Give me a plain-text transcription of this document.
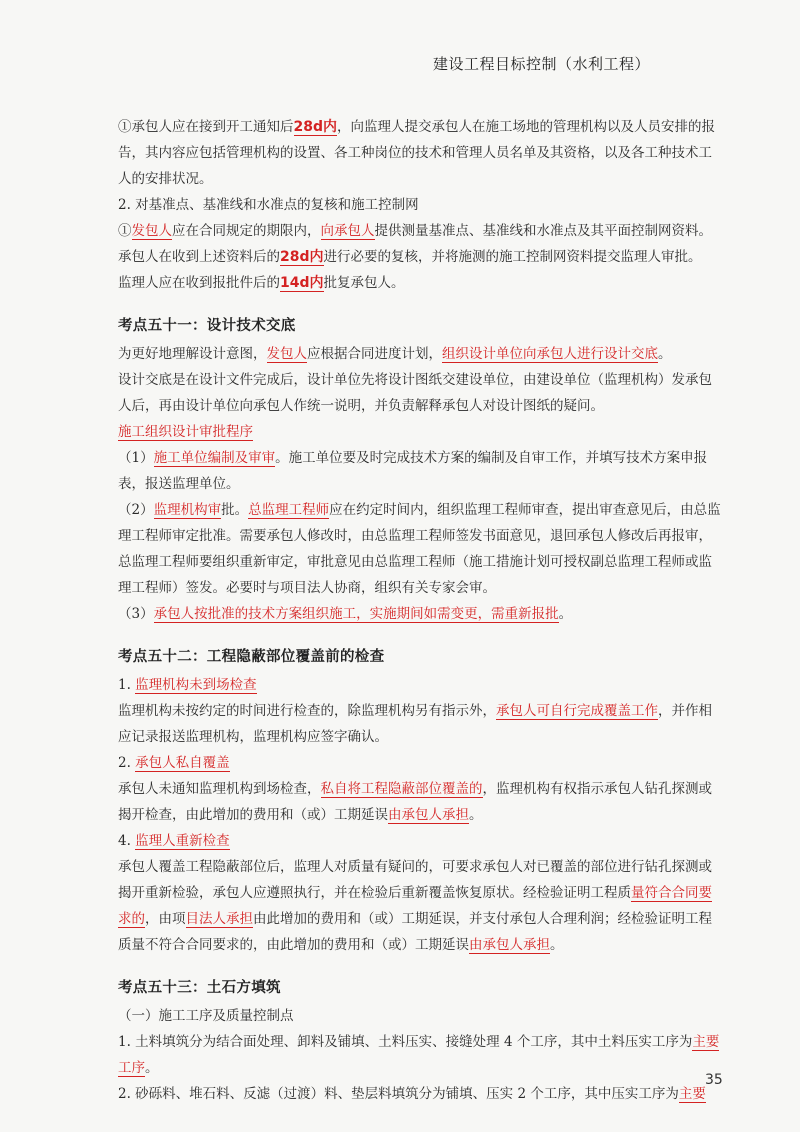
建设工程目标控制（水利工程）

①承包人应在接到开工通知后28d内，向监理人提交承包人在施工场地的管理机构以及人员安排的报告，其内容应包括管理机构的设置、各工种岗位的技术和管理人员名单及其资格，以及各工种技术工人的安排状况。

2. 对基准点、基准线和水准点的复核和施工控制网

①发包人应在合同规定的期限内，向承包人提供测量基准点、基准线和水准点及其平面控制网资料。

承包人在收到上述资料后的28d内进行必要的复核，并将施测的施工控制网资料提交监理人审批。

监理人应在收到报批件后的14d内批复承包人。

考点五十一：设计技术交底

为更好地理解设计意图，发包人应根据合同进度计划，组织设计单位向承包人进行设计交底。

设计交底是在设计文件完成后，设计单位先将设计图纸交建设单位，由建设单位（监理机构）发承包人后，再由设计单位向承包人作统一说明，并负责解释承包人对设计图纸的疑问。

施工组织设计审批程序

（1）施工单位编制及审审。施工单位要及时完成技术方案的编制及自审工作，并填写技术方案申报表，报送监理单位。

（2）监理机构审批。总监理工程师应在约定时间内，组织监理工程师审查，提出审查意见后，由总监理工程师审定批准。需要承包人修改时，由总监理工程师签发书面意见，退回承包人修改后再报审，总监理工程师要组织重新审定，审批意见由总监理工程师（施工措施计划可授权副总监理工程师或监理工程师）签发。必要时与项目法人协商，组织有关专家会审。

（3）承包人按批准的技术方案组织施工，实施期间如需变更，需重新报批。

考点五十二：工程隐蔽部位覆盖前的检查

1. 监理机构未到场检查

监理机构未按约定的时间进行检查的，除监理机构另有指示外，承包人可自行完成覆盖工作，并作相应记录报送监理机构，监理机构应签字确认。

2. 承包人私自覆盖

承包人未通知监理机构到场检查，私自将工程隐蔽部位覆盖的，监理机构有权指示承包人钻孔探测或揭开检查，由此增加的费用和（或）工期延误由承包人承担。

4. 监理人重新检查

承包人覆盖工程隐蔽部位后，监理人对质量有疑问的，可要求承包人对已覆盖的部位进行钻孔探测或揭开重新检验，承包人应遵照执行，并在检验后重新覆盖恢复原状。经检验证明工程质量符合合同要求的，由项目法人承担由此增加的费用和（或）工期延误，并支付承包人合理利润；经检验证明工程质量不符合合同要求的，由此增加的费用和（或）工期延误由承包人承担。

考点五十三：土石方填筑

（一）施工工序及质量控制点

1. 土料填筑分为结合面处理、卸料及铺填、土料压实、接缝处理 4 个工序，其中土料压实工序为主要工序。

2. 砂砾料、堆石料、反滤（过渡）料、垫层料填筑分为铺填、压实 2 个工序，其中压实工序为主要

35
